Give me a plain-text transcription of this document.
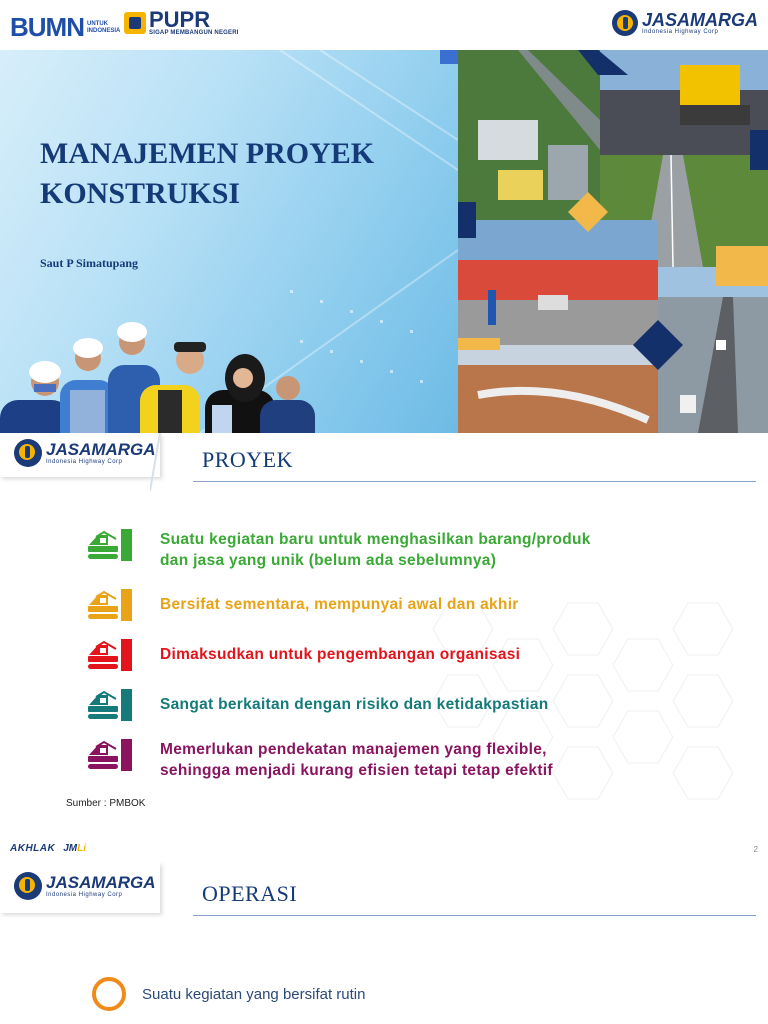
BUMN UNTUK
INDONESIA PUPR
SIGAP MEMBANGUN NEGERI
JASAMARGA
Indonesia Highway Corp
MANAJEMEN PROYEK
KONSTRUKSI
Saut P Simatupang
JASAMARGA
Indonesia Highway Corp	PROYEK
Suatu kegiatan baru untuk menghasilkan barang/produk
dan jasa yang unik (belum ada sebelumnya)
Bersifat sementara, mempunyai awal dan akhir
Dimaksudkan untuk pengembangan organisasi
Sangat berkaitan dengan risiko dan ketidakpastian
Memerlukan pendekatan manajemen yang flexible,
sehingga menjadi kurang efisien tetapi tetap efektif
Sumber : PMBOK
AKHLAK JMLi	2
JASAMARGA
Indonesia Highway Corp	OPERASI
Suatu kegiatan yang bersifat rutin
